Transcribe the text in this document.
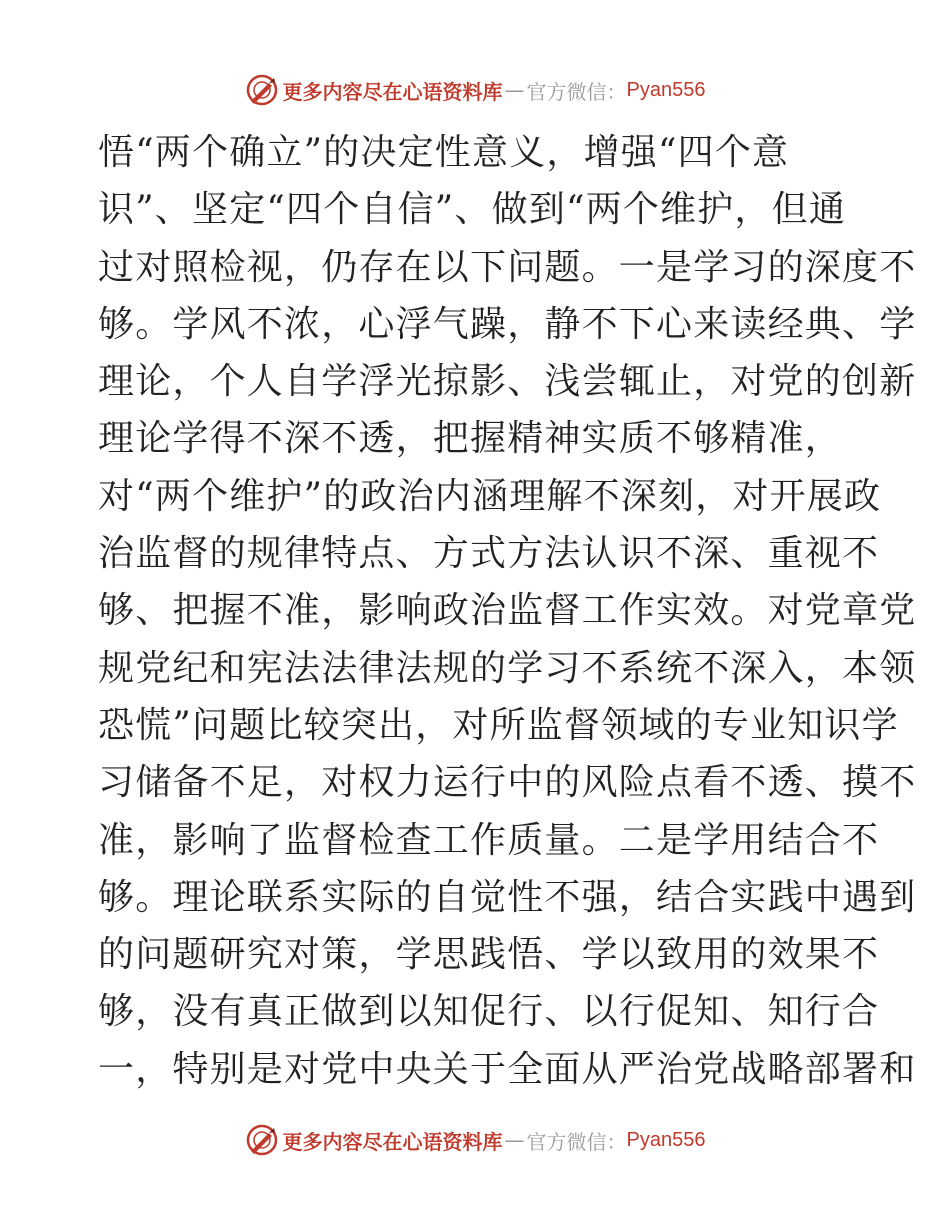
更多内容尽在心语资料库 — 官方微信： Pyan556
悟“两个确立”的决定性意义，增强“四个意
识”、坚定“四个自信”、做到“两个维护，但通
过对照检视，仍存在以下问题。一是学习的深度不
够。学风不浓，心浮气躁，静不下心来读经典、学
理论，个人自学浮光掠影、浅尝辄止，对党的创新
理论学得不深不透，把握精神实质不够精准，
对“两个维护”的政治内涵理解不深刻，对开展政
治监督的规律特点、方式方法认识不深、重视不
够、把握不准，影响政治监督工作实效。对党章党
规党纪和宪法法律法规的学习不系统不深入，本领
恐慌”问题比较突出，对所监督领域的专业知识学
习储备不足，对权力运行中的风险点看不透、摸不
准，影响了监督检查工作质量。二是学用结合不
够。理论联系实际的自觉性不强，结合实践中遇到
的问题研究对策，学思践悟、学以致用的效果不
够，没有真正做到以知促行、以行促知、知行合
一，特别是对党中央关于全面从严治党战略部署和
更多内容尽在心语资料库 — 官方微信： Pyan556
